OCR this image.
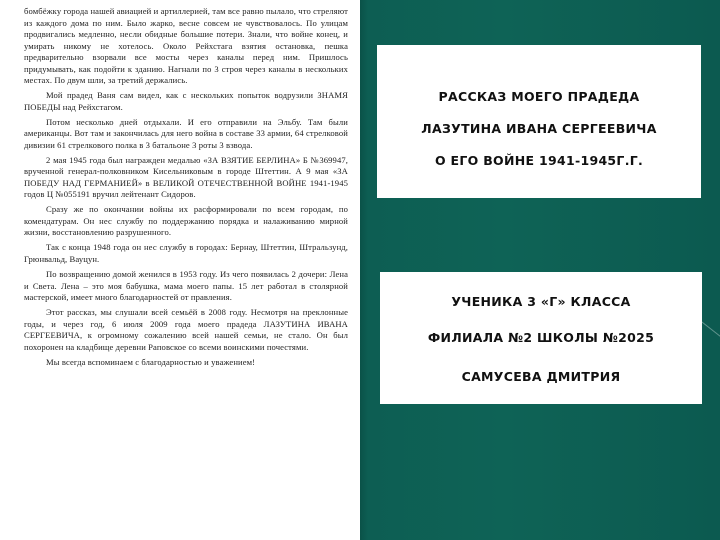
бомбёжку города нашей авиацией и артиллерией, там все равно пылало, что стреляют из каждого дома по ним. Было жарко, весне совсем не чувствовалось. По улицам продвигались медленно, несли обидные большие потери. Знали, что войне конец, и умирать никому не хотелось. Около Рейхстага взятия остановка, пешка предварительно взорвали все мосты через каналы перед ним. Пришлось придумывать, как подойти к зданию. Нагнали по 3 строя через каналы в нескольких местах. По двум шли, за третий держались.

Мой прадед Ваня сам видел, как с нескольких попыток водрузили ЗНАМЯ ПОБЕДЫ над Рейхстагом.

Потом несколько дней отдыхали. И его отправили на Эльбу. Там были американцы. Вот там и закончилась для него война в составе 33 армии, 64 стрелковой дивизии 61 стрелкового полка в 3 батальоне 3 роты 3 взвода.

2 мая 1945 года был награжден медалью «ЗА ВЗЯТИЕ БЕРЛИНА» Б №369947, врученной генерал-полковником Кисельниковым в городе Штеттин. А 9 мая «ЗА ПОБЕДУ НАД ГЕРМАНИЕЙ» в ВЕЛИКОЙ ОТЕЧЕСТВЕННОЙ ВОЙНЕ 1941-1945 годов Ц №055191 вручил лейтенант Сидоров.

Сразу же по окончании войны их расформировали по всем городам, по комендатурам. Он нес службу по поддержанию порядка и налаживанию мирной жизни, восстановлению разрушенного.

Так с конца 1948 года он нес службу в городах: Бернау, Штеттин, Штральзунд, Грюнвальд, Вауцун.

По возвращению домой женился в 1953 году. Из чего появилась 2 дочери: Лена и Света. Лена – это моя бабушка, мама моего папы. 15 лет работал в столярной мастерской, имеет много благодарностей от правления.

Этот рассказ, мы слушали всей семьёй в 2008 году. Несмотря на преклонные годы, и через год, 6 июля 2009 года моего прадеда ЛАЗУТИНА ИВАНА СЕРГЕЕВИЧА, к огромному сожалению всей нашей семьи, не стало. Он был похоронен на кладбище деревни Раповское со всеми воинскими почестями.

Мы всегда вспоминаем с благодарностью и уважением!

РАССКАЗ МОЕГО ПРАДЕДА
ЛАЗУТИНА ИВАНА СЕРГЕЕВИЧА
О ЕГО ВОЙНЕ 1941-1945Г.Г.
УЧЕНИКА 3 «Г» КЛАССА
ФИЛИАЛА №2 ШКОЛЫ №2025
САМУСЕВА ДМИТРИЯ
